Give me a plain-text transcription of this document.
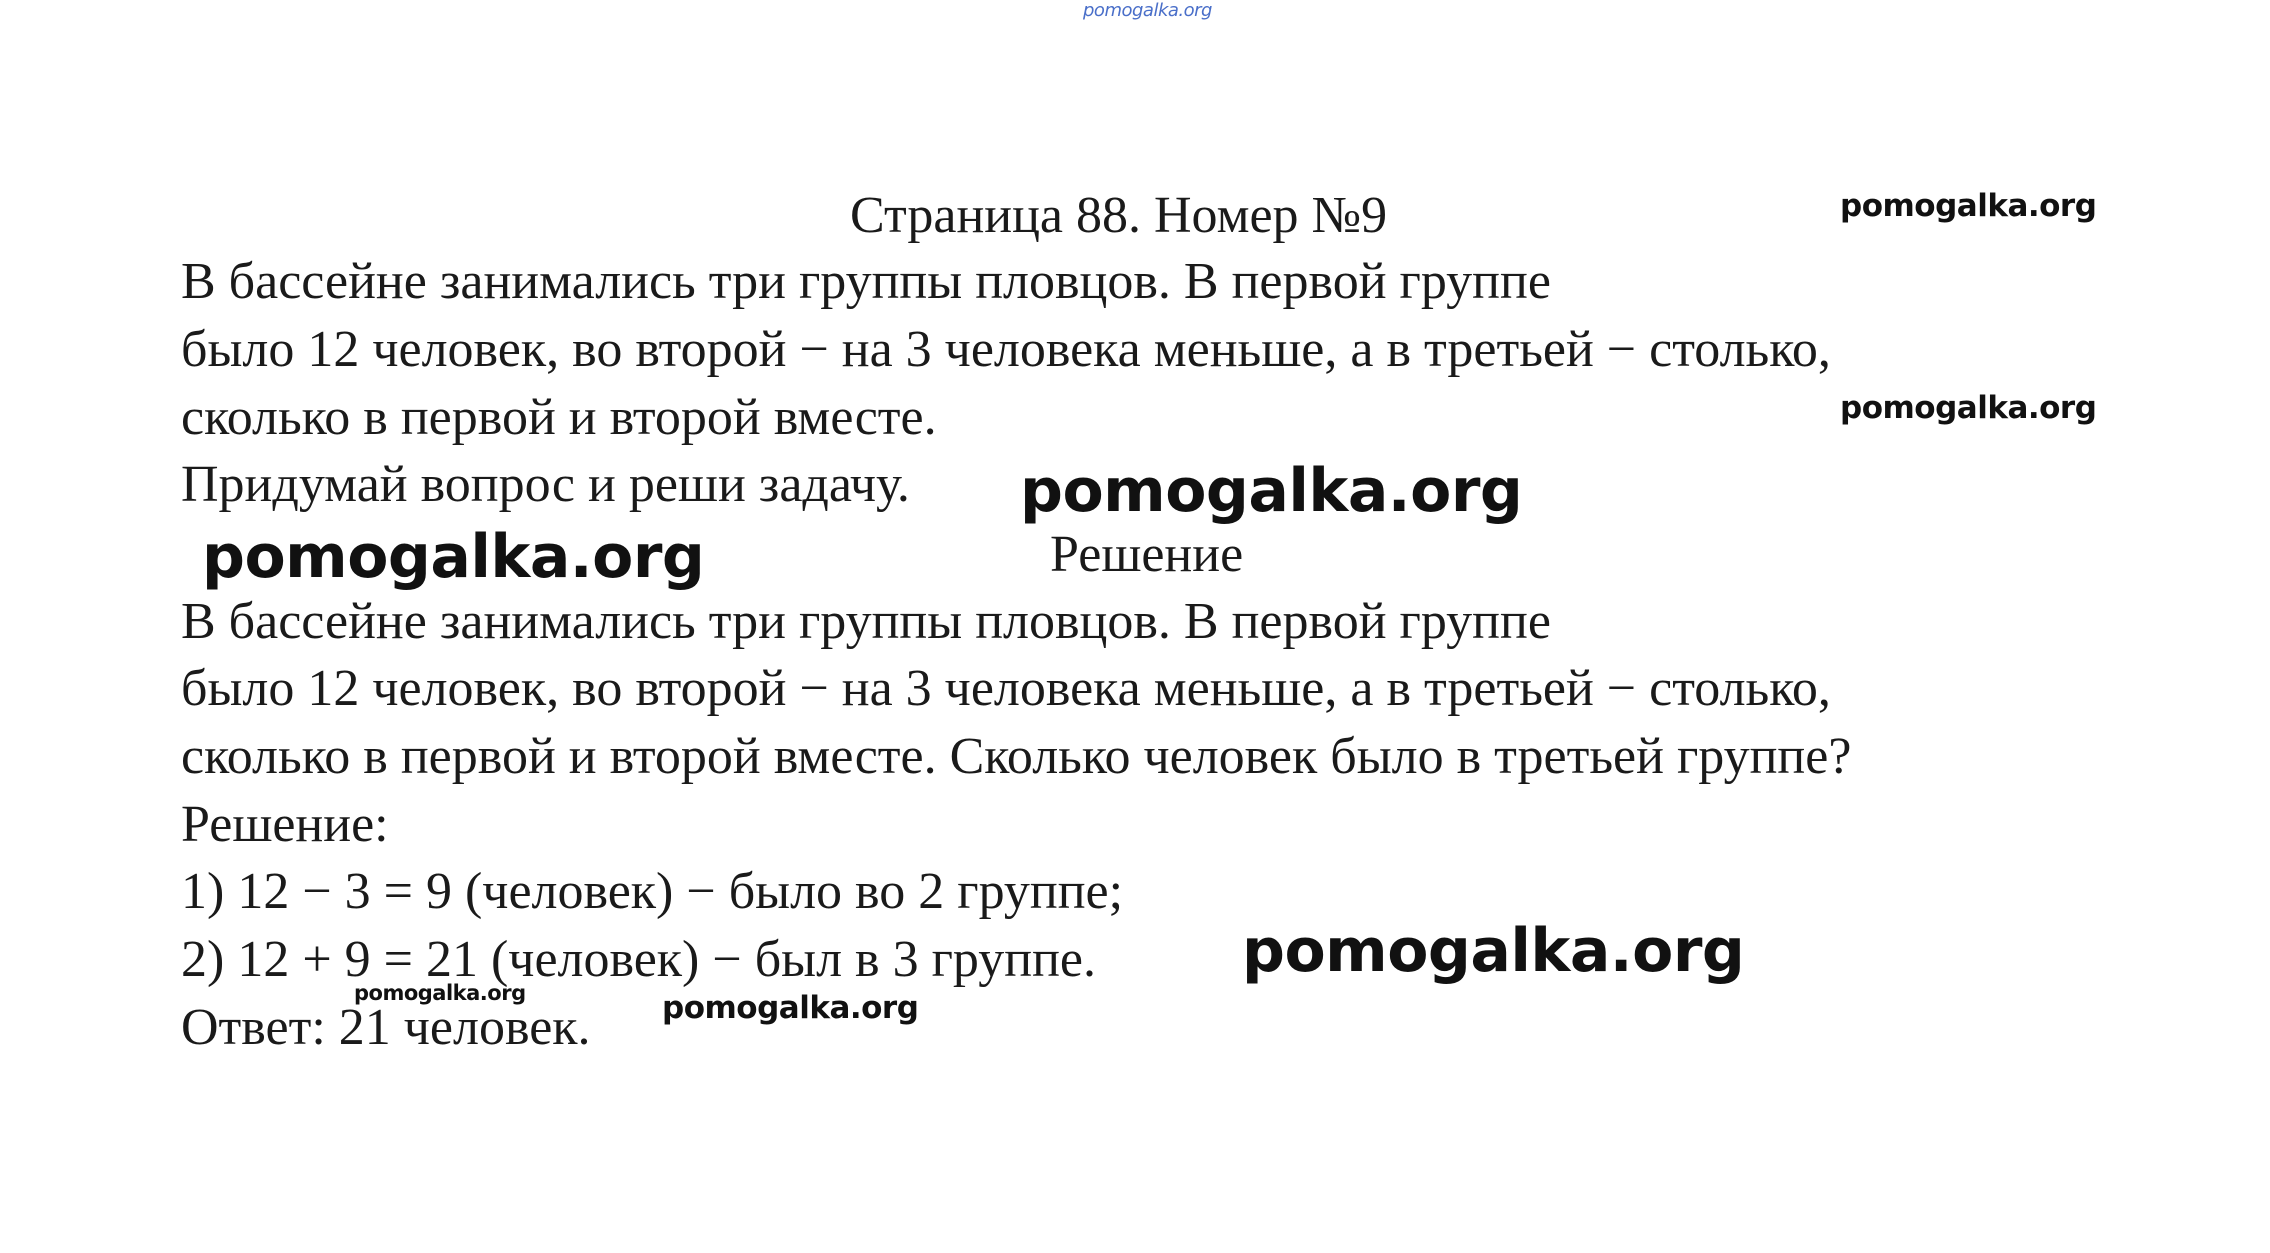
pomogalka.org
Страница 88. Номер №9

В бассейне занимались три группы пловцов. В первой группе

было 12 человек, во второй − на 3 человека меньше, а в третьей − столько,

сколько в первой и второй вместе.

Придумай вопрос и реши задачу.

Решение

В бассейне занимались три группы пловцов. В первой группе

было 12 человек, во второй − на 3 человека меньше, а в третьей − столько,

сколько в первой и второй вместе. Сколько человек было в третьей группе?

Решение:

1) 12 − 3 = 9 (человек) − было во 2 группе;

2) 12 + 9 = 21 (человек) − был в 3 группе.

Ответ: 21 человек.

pomogalka.org
pomogalka.org
pomogalka.org
pomogalka.org
pomogalka.org
pomogalka.org	pomogalka.org
